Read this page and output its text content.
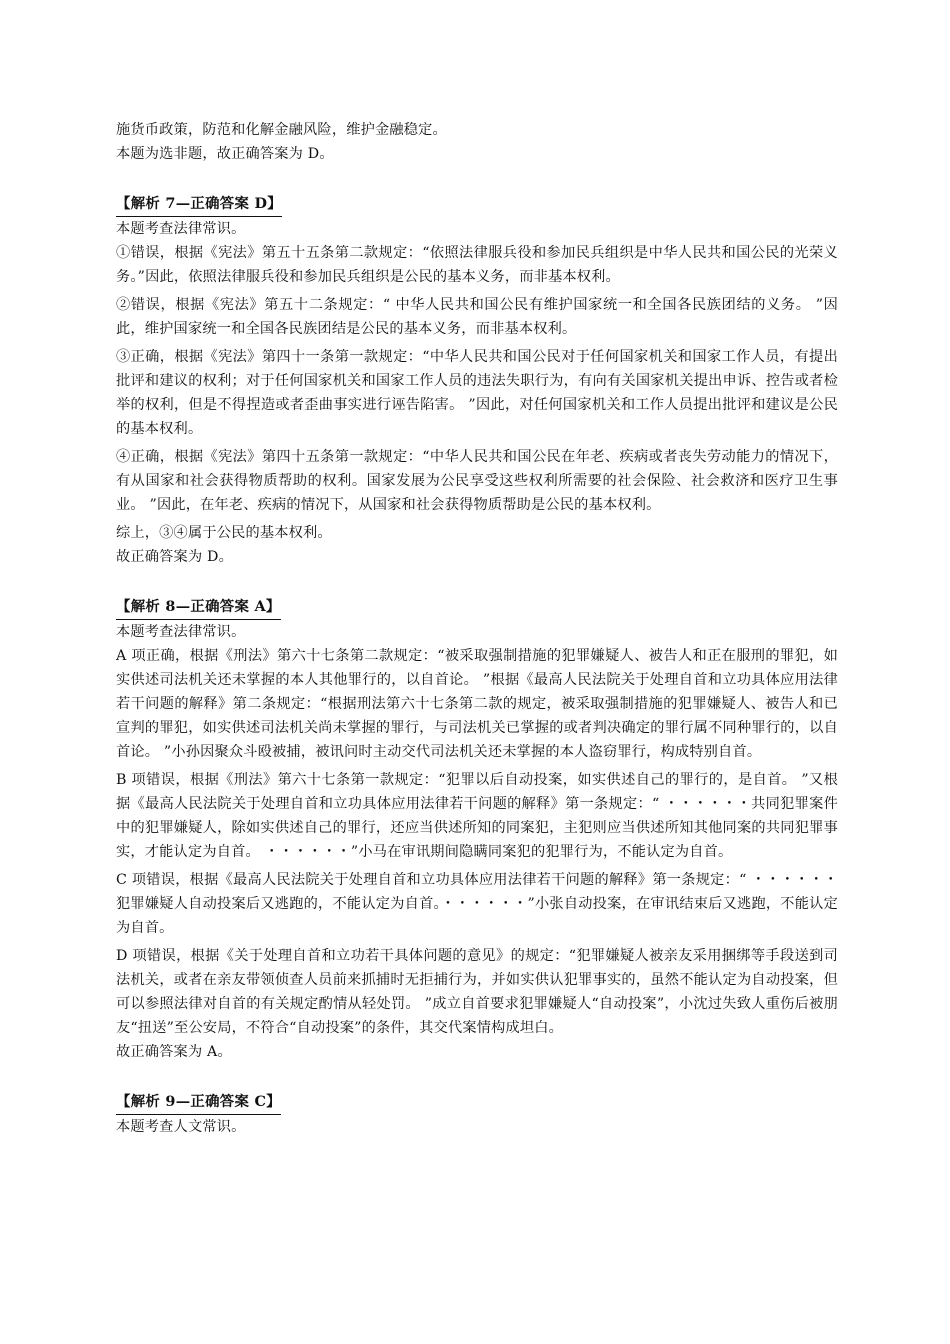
施货币政策，防范和化解金融风险，维护金融稳定。

本题为选非题，故正确答案为 D。

【解析 7—正确答案 D】

本题考查法律常识。

①错误，根据《宪法》第五十五条第二款规定：“依照法律服兵役和参加民兵组织是中华人民共和国公民的光荣义务。”因此，依照法律服兵役和参加民兵组织是公民的基本义务，而非基本权利。

②错误，根据《宪法》第五十二条规定：“ 中华人民共和国公民有维护国家统一和全国各民族团结的义务。 ”因此，维护国家统一和全国各民族团结是公民的基本义务，而非基本权利。

③正确，根据《宪法》第四十一条第一款规定：“中华人民共和国公民对于任何国家机关和国家工作人员，有提出批评和建议的权利；对于任何国家机关和国家工作人员的违法失职行为，有向有关国家机关提出申诉、控告或者检举的权利，但是不得捏造或者歪曲事实进行诬告陷害。 ”因此，对任何国家机关和工作人员提出批评和建议是公民的基本权利。

④正确，根据《宪法》第四十五条第一款规定：“中华人民共和国公民在年老、疾病或者丧失劳动能力的情况下，有从国家和社会获得物质帮助的权利。国家发展为公民享受这些权利所需要的社会保险、社会救济和医疗卫生事业。 ”因此，在年老、疾病的情况下，从国家和社会获得物质帮助是公民的基本权利。

综上，③④属于公民的基本权利。

故正确答案为 D。

【解析 8—正确答案 A】

本题考查法律常识。

A 项正确，根据《刑法》第六十七条第二款规定：“被采取强制措施的犯罪嫌疑人、被告人和正在服刑的罪犯，如实供述司法机关还未掌握的本人其他罪行的，以自首论。 ”根据《最高人民法院关于处理自首和立功具体应用法律若干问题的解释》第二条规定：“根据刑法第六十七条第二款的规定，被采取强制措施的犯罪嫌疑人、被告人和已宣判的罪犯，如实供述司法机关尚未掌握的罪行，与司法机关已掌握的或者判决确定的罪行属不同种罪行的，以自首论。 ”小孙因聚众斗殴被捕，被讯问时主动交代司法机关还未掌握的本人盗窃罪行，构成特别自首。

B 项错误，根据《刑法》第六十七条第一款规定：“犯罪以后自动投案，如实供述自己的罪行的，是自首。 ”又根据《最高人民法院关于处理自首和立功具体应用法律若干问题的解释》第一条规定：“ ・・・・・・共同犯罪案件中的犯罪嫌疑人，除如实供述自己的罪行，还应当供述所知的同案犯，主犯则应当供述所知其他同案的共同犯罪事实，才能认定为自首。 ・・・・・・”小马在审讯期间隐瞒同案犯的犯罪行为，不能认定为自首。

C 项错误，根据《最高人民法院关于处理自首和立功具体应用法律若干问题的解释》第一条规定：“ ・・・・・・犯罪嫌疑人自动投案后又逃跑的，不能认定为自首。・・・・・・”小张自动投案，在审讯结束后又逃跑，不能认定为自首。

D 项错误，根据《关于处理自首和立功若干具体问题的意见》的规定：“犯罪嫌疑人被亲友采用捆绑等手段送到司法机关，或者在亲友带领侦查人员前来抓捕时无拒捕行为，并如实供认犯罪事实的，虽然不能认定为自动投案，但可以参照法律对自首的有关规定酌情从轻处罚。 ”成立自首要求犯罪嫌疑人“自动投案”，小沈过失致人重伤后被朋友“扭送”至公安局，不符合“自动投案”的条件，其交代案情构成坦白。

故正确答案为 A。

【解析 9—正确答案 C】

本题考查人文常识。
